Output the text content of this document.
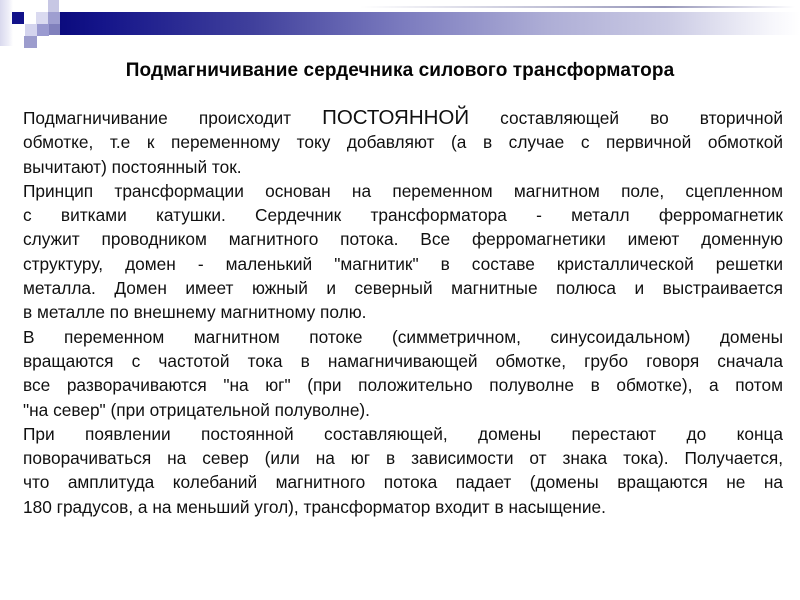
Подмагничивание сердечника силового трансформатора
Подмагничивание происходит ПОСТОЯННОЙ составляющей во вторичной
обмотке, т.е к переменному току добавляют (а в случае с первичной обмоткой
вычитают) постоянный ток.
Принцип трансформации основан на переменном магнитном поле, сцепленном
с витками катушки. Сердечник трансформатора - металл ферромагнетик
служит проводником магнитного потока. Все ферромагнетики имеют доменную
структуру, домен - маленький "магнитик" в составе кристаллической решетки
металла. Домен имеет южный и северный магнитные полюса и выстраивается
в металле по внешнему магнитному полю.
В переменном магнитном потоке (симметричном, синусоидальном) домены
вращаются с частотой тока в намагничивающей обмотке, грубо говоря сначала
все разворачиваются "на юг" (при положительно полуволне в обмотке), а потом
"на север" (при отрицательной полуволне).
При появлении постоянной составляющей, домены перестают до конца
поворачиваться на север (или на юг в зависимости от знака тока). Получается,
что амплитуда колебаний магнитного потока падает (домены вращаются не на
180 градусов, а на меньший угол), трансформатор входит в насыщение.
